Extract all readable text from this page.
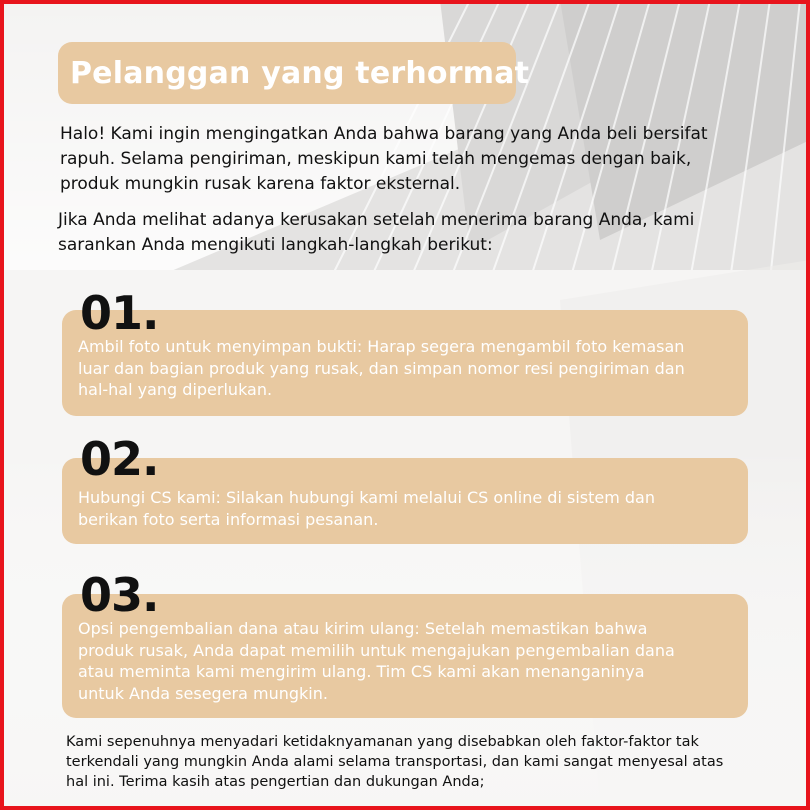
Pelanggan yang terhormat
Halo! Kami ingin mengingatkan Anda bahwa barang yang Anda beli bersifat
rapuh. Selama pengiriman, meskipun kami telah mengemas dengan baik,
produk mungkin rusak karena faktor eksternal.
Jika Anda melihat adanya kerusakan setelah menerima barang Anda, kami
sarankan Anda mengikuti langkah-langkah berikut:
Ambil foto untuk menyimpan bukti: Harap segera mengambil foto kemasan
luar dan bagian produk yang rusak, dan simpan nomor resi pengiriman dan
hal-hal yang diperlukan.
01.
Hubungi CS kami: Silakan hubungi kami melalui CS online di sistem dan
berikan foto serta informasi pesanan.
02.
Opsi pengembalian dana atau kirim ulang: Setelah memastikan bahwa
produk rusak, Anda dapat memilih untuk mengajukan pengembalian dana
atau meminta kami mengirim ulang. Tim CS kami akan menanganinya
untuk Anda sesegera mungkin.
03.
Kami sepenuhnya menyadari ketidaknyamanan yang disebabkan oleh faktor-faktor tak
terkendali yang mungkin Anda alami selama transportasi, dan kami sangat menyesal atas
hal ini. Terima kasih atas pengertian dan dukungan Anda;
